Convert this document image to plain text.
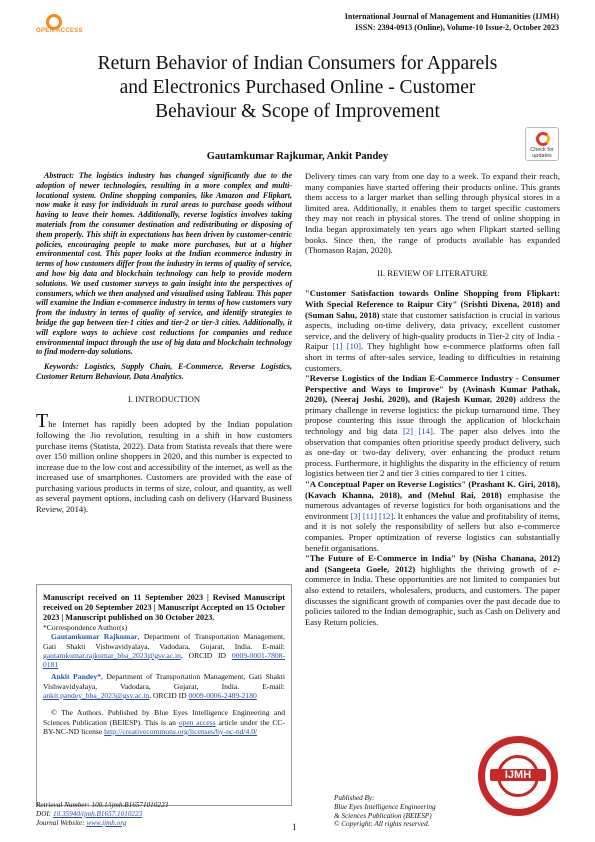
OPEN ACCESS
International Journal of Management and Humanities (IJMH)
ISSN: 2394-0913 (Online), Volume-10 Issue-2, October 2023
Return Behavior of Indian Consumers for Apparels
and Electronics Purchased Online - Customer
Behaviour & Scope of Improvement
Check for updates
Gautamkumar Rajkumar, Ankit Pandey

Abstract: The logistics industry has changed significantly due to the adoption of newer technologies, resulting in a more complex and multi-locational system. Online shopping companies, like Amazon and Flipkart, now make it easy for individuals in rural areas to purchase goods without having to leave their homes. Additionally, reverse logistics involves taking materials from the consumer destination and redistributing or disposing of them properly. This shift in expectations has been driven by customer-centric policies, encouraging people to make more purchases, but at a higher environmental cost. This paper looks at the Indian ecommerce industry in terms of how customers differ from the industry in terms of quality of service, and how big data and blockchain technology can help to provide modern solutions. We used customer surveys to gain insight into the perspectives of consumers, which we then analysed and visualised using Tableau. This paper will examine the Indian e-commerce industry in terms of how customers vary from the industry in terms of quality of service, and identify strategies to bridge the gap between tier-1 cities and tier-2 or tier-3 cities. Additionally, it will explore ways to achieve cost reductions for companies and reduce environmental impact through the use of big data and blockchain technology to find modern-day solutions.

Keywords: Logistics, Supply Chain, E-Commerce, Reverse Logistics, Customer Return Behaviour, Data Analytics.

I. INTRODUCTION

The Internet has rapidly been adopted by the Indian population following the Jio revolution, resulting in a shift in how customers purchase items (Statista, 2022). Data from Statista reveals that there were over 150 million online shoppers in 2020, and this number is expected to increase due to the low cost and accessibility of the internet, as well as the increased use of smartphones. Customers are provided with the ease of purchasing various products in terms of size, colour, and quantity, as well as several payment options, including cash on delivery (Harvard Business Review, 2014).

Manuscript received on 11 September 2023 | Revised Manuscript received on 20 September 2023 | Manuscript Accepted on 15 October 2023 | Manuscript published on 30 October 2023.
*Correspondence Author(s)
Gautamkumar Rajkumar, Department of Transportation Management, Gati Shakti Vishwavidyalaya, Vadodara, Gujarat, India. E-mail: gautamkumar.rajkumar_bba_2023@gsv.ac.in, ORCID ID 0009-0001-7808-0181
Ankit Pandey*, Department of Transportation Management, Gati Shakti Vishwavidyalaya, Vadodara, Gujarat, India. E-mail: ankit.pandey_bba_2023@gsv.ac.in, ORCID ID 0009-0006-2489-2180
© The Authors. Published by Blue Eyes Intelligence Engineering and Sciences Publication (BEIESP). This is an open access article under the CC-BY-NC-ND license http://creativecommons.org/licenses/by-nc-nd/4.0/

Delivery times can vary from one day to a week. To expand their reach, many companies have started offering their products online. This grants them access to a larger market than selling through physical stores in a limited area. Additionally, it enables them to target specific customers they may not reach in physical stores. The trend of online shopping in India began approximately ten years ago when Flipkart started selling books. Since then, the range of products available has expanded (Thomason Rajan, 2020).

II. REVIEW OF LITERATURE

"Customer Satisfaction towards Online Shopping from Flipkart: With Special Reference to Raipur City" (Srishti Dixena, 2018) and (Suman Sahu, 2018) state that customer satisfaction is crucial in various aspects, including on-time delivery, data privacy, excellent customer service, and the delivery of high-quality products in Tier-2 city of India - Raipur [1] [10]. They highlight how e-commerce platforms often fall short in terms of after-sales service, leading to difficulties in retaining customers.

"Reverse Logistics of the Indian E-Commerce Industry - Consumer Perspective and Ways to Improve" by (Avinash Kumar Pathak, 2020), (Neeraj Joshi, 2020), and (Rajesh Kumar, 2020) address the primary challenge in reverse logistics: the pickup turnaround time. They propose countering this issue through the application of blockchain technology and big data [2] [14]. The paper also delves into the observation that companies often prioritise speedy product delivery, such as one-day or two-day delivery, over enhancing the product return process. Furthermore, it highlights the disparity in the efficiency of return logistics between tier 2 and tier 3 cities compared to tier 1 cities.

"A Conceptual Paper on Reverse Logistics" (Prashant K. Giri, 2018), (Kavach Khanna, 2018), and (Mehul Rai, 2018) emphasise the numerous advantages of reverse logistics for both organisations and the environment [3] [11] [12]. It enhances the value and profitability of items, and it is not solely the responsibility of sellers but also e-commerce companies. Proper optimization of reverse logistics can substantially benefit organisations.

"The Future of E-Commerce in India" by (Nisha Chanana, 2012) and (Sangeeta Goele, 2012) highlights the thriving growth of e-commerce in India. These opportunities are not limited to companies but also extend to retailers, wholesalers, products, and customers. The paper discusses the significant growth of companies over the past decade due to policies tailored to the Indian demographic, such as Cash on Delivery and Easy Return policies.

Retrieval Number: 100.1/ijmh.B16571010223
DOI: 10.35940/ijmh.B1657.1010223
Journal Website: www.ijmh.org	1
Published By:
Blue Eyes Intelligence Engineering
& Sciences Publication (BEIESP)
© Copyright: All rights reserved.
IJMH
